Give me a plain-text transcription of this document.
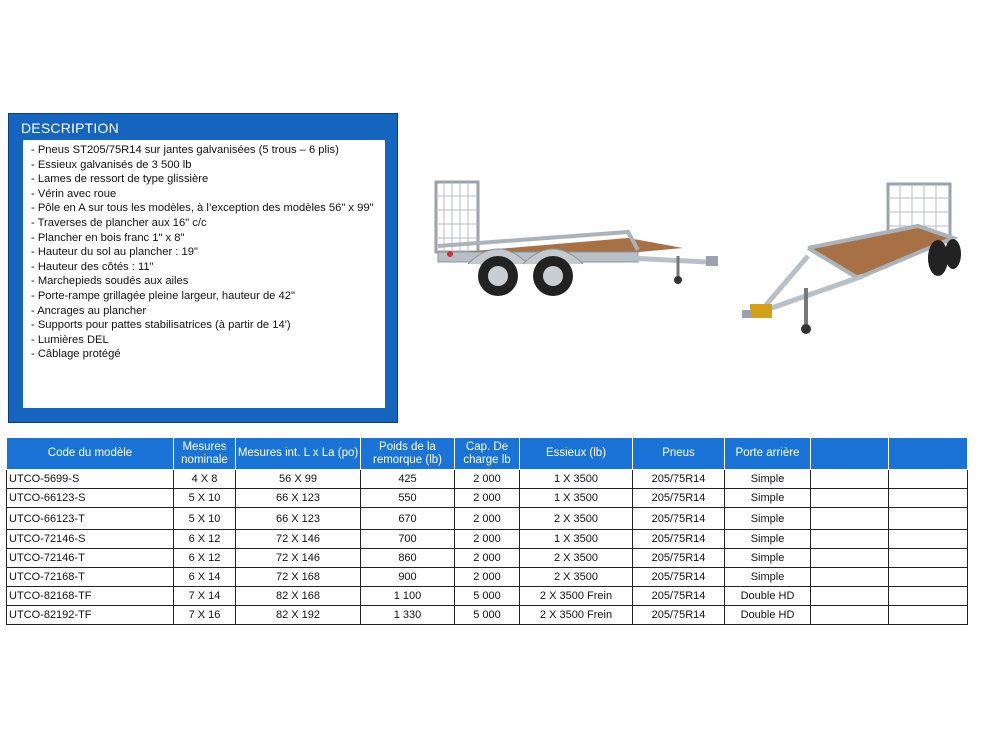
DESCRIPTION
- Pneus ST205/75R14 sur jantes galvanisées (5 trous – 6 plis)
- Essieux galvanisés de 3 500 lb
- Lames de ressort de type glissière
- Vérin avec roue
- Pôle en A sur tous les modèles, à l’exception des modèles 56" x 99"
- Traverses de plancher aux 16" c/c
- Plancher en bois franc 1" x 8"
- Hauteur du sol au plancher : 19"
- Hauteur des côtés : 11"
- Marchepieds soudés aux ailes
- Porte-rampe grillagée pleine largeur, hauteur de 42"
- Ancrages au plancher
- Supports pour pattes stabilisatrices (à partir de 14')
- Lumières DEL
- Câblage protégé
Code du modèle	Mesures nominale	Mesures int. L x La (po)	Poids de la remorque (lb)	Cap. De charge lb	Essieux (lb)	Pneus	Porte arrière		
UTCO-5699-S	4 X 8	56 X 99	425	2 000	1 X 3500	205/75R14	Simple		
UTCO-66123-S	5 X 10	66 X 123	550	2 000	1 X 3500	205/75R14	Simple		
UTCO-66123-T	5 X 10	66 X 123	670	2 000	2 X 3500	205/75R14	Simple		
UTCO-72146-S	6 X 12	72 X 146	700	2 000	1 X 3500	205/75R14	Simple		
UTCO-72146-T	6 X 12	72 X 146	860	2 000	2 X 3500	205/75R14	Simple		
UTCO-72168-T	6 X 14	72 X 168	900	2 000	2 X 3500	205/75R14	Simple		
UTCO-82168-TF	7 X 14	82 X 168	1 100	5 000	2 X 3500 Frein	205/75R14	Double HD		
UTCO-82192-TF	7 X 16	82 X 192	1 330	5 000	2 X 3500 Frein	205/75R14	Double HD		
